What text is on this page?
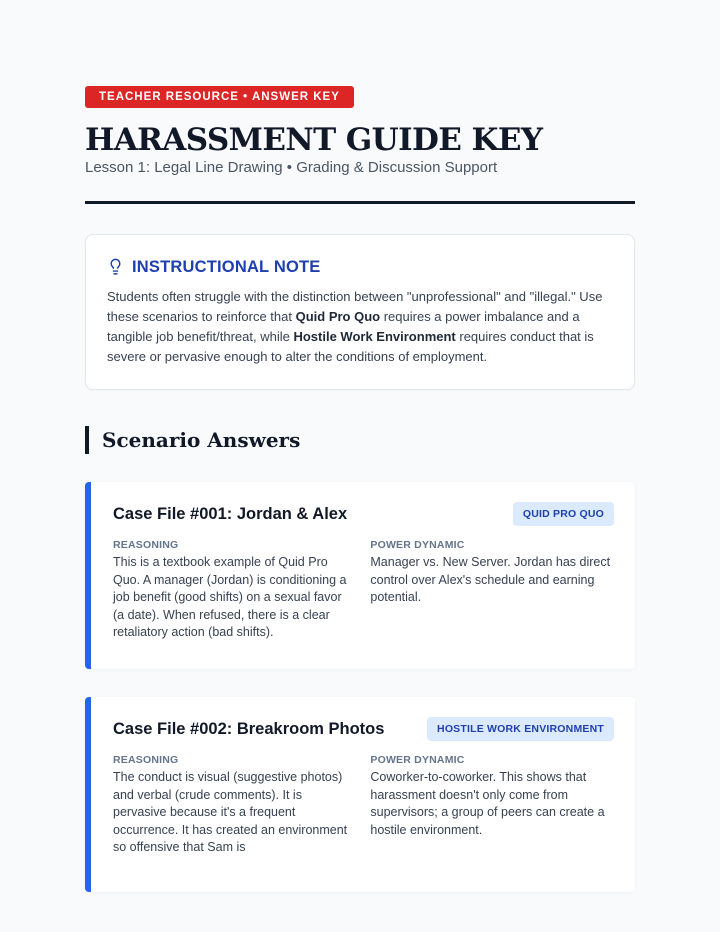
TEACHER RESOURCE • ANSWER KEY
HARASSMENT GUIDE KEY
Lesson 1: Legal Line Drawing • Grading & Discussion Support
INSTRUCTIONAL NOTE

Students often struggle with the distinction between "unprofessional" and "illegal." Use these scenarios to reinforce that Quid Pro Quo requires a power imbalance and a tangible job benefit/threat, while Hostile Work Environment requires conduct that is severe or pervasive enough to alter the conditions of employment.

Scenario Answers
Case File #001: Jordan & Alex	QUID PRO QUO
REASONING
This is a textbook example of Quid Pro Quo. A manager (Jordan) is conditioning a job benefit (good shifts) on a sexual favor (a date). When refused, there is a clear retaliatory action (bad shifts).
POWER DYNAMIC
Manager vs. New Server. Jordan has direct control over Alex's schedule and earning potential.
Case File #002: Breakroom Photos	HOSTILE WORK ENVIRONMENT
REASONING
The conduct is visual (suggestive photos) and verbal (crude comments). It is pervasive because it's a frequent occurrence. It has created an environment so offensive that Sam is
POWER DYNAMIC
Coworker-to-coworker. This shows that harassment doesn't only come from supervisors; a group of peers can create a hostile environment.
